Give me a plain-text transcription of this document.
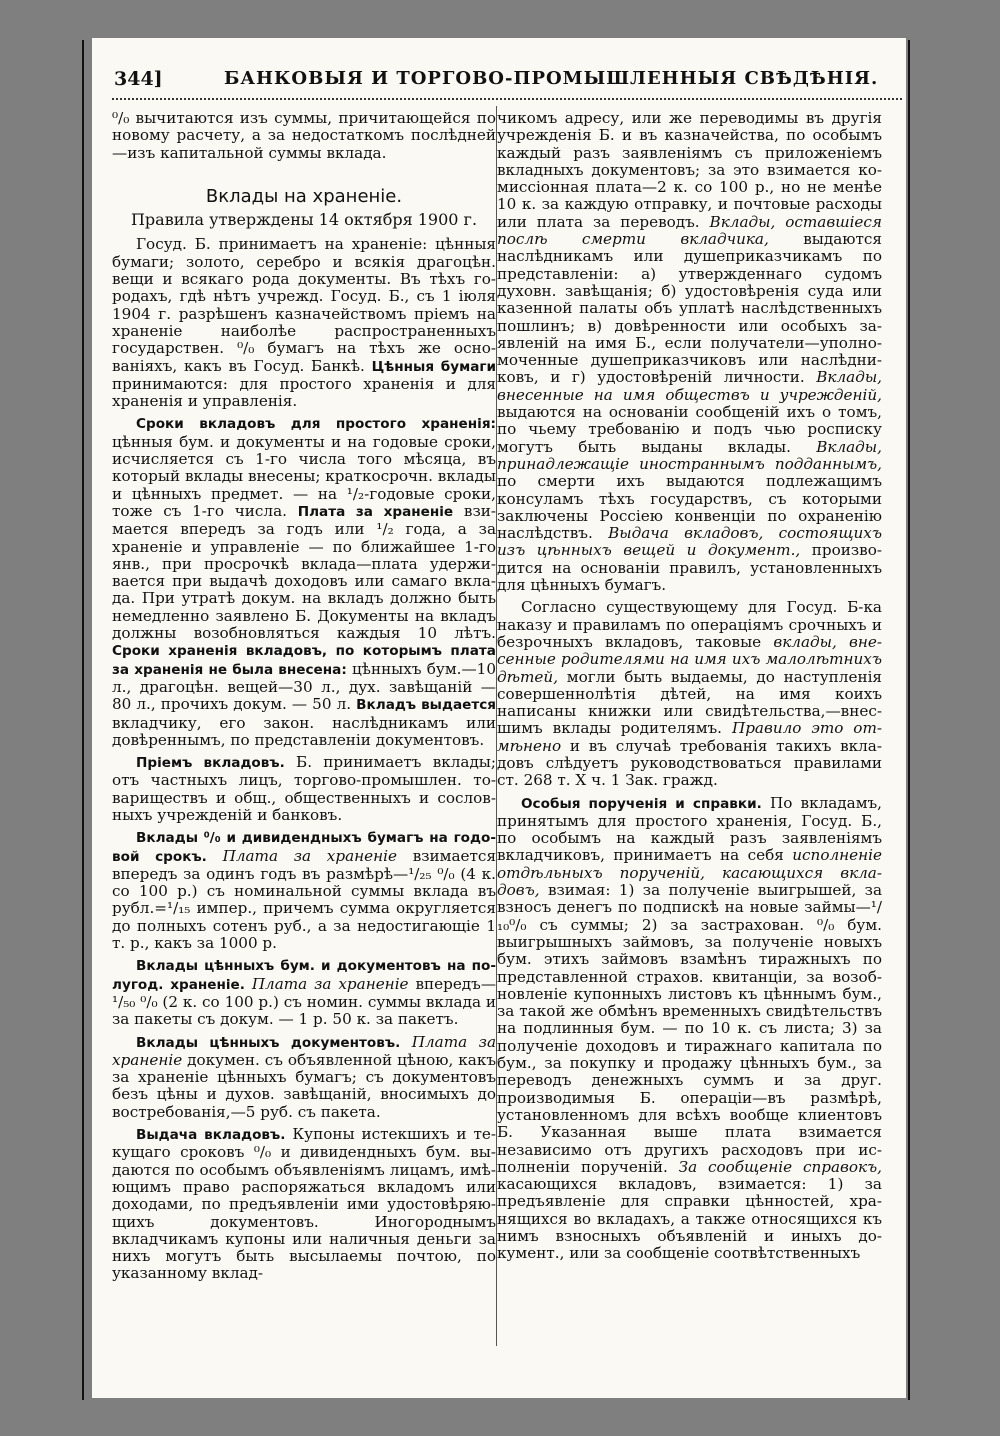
344]	БАНКОВЫЯ И ТОРГОВО-ПРОМЫШЛЕННЫЯ СВѢДѢНІЯ.

⁰/₀ вычитаются изъ суммы, причитающейся по новому расчету, а за недостаткомъ послѣдней—изъ капитальной суммы вклада.

Вклады на храненіе.

Правила утверждены 14 октября 1900 г.

Госуд. Б. принимаетъ на храненіе: цѣнныя бумаги; золото, серебро и всякія драгоцѣн. вещи и всякаго рода документы. Въ тѣхъ городахъ, гдѣ нѣтъ учрежд. Госуд. Б., съ 1 іюля 1904 г. разрѣшенъ казначействомъ пріемъ на храненіе наиболѣе распространенныхъ государствен. ⁰/₀ бумагъ на тѣхъ же основаніяхъ, какъ въ Госуд. Банкѣ. Цѣнныя бумаги принимаются: для простого храненія и для храненія и управленія.

Сроки вкладовъ для простого храненія: цѣнныя бум. и документы и на годовые сроки, исчисляется съ 1-го числа того мѣсяца, въ который вклады внесены; краткосрочн. вклады и цѣнныхъ предмет. — на ¹/₂-годовые сроки, тоже съ 1-го числа. Плата за храненіе взимается впередъ за годъ или ¹/₂ года, а за храненіе и управленіе — по ближайшее 1-го янв., при просрочкѣ вклада—плата удерживается при выдачѣ доходовъ или самаго вклада. При утратѣ докум. на вкладъ должно быть немедленно заявлено Б. Документы на вкладъ должны возобновляться каждыя 10 лѣтъ. Сроки храненія вкладовъ, по которымъ плата за храненія не была внесена: цѣнныхъ бум.—10 л., драгоцѣн. вещей—30 л., дух. завѣщаній — 80 л., прочихъ докум. — 50 л. Вкладъ выдается вкладчику, его закон. наслѣдникамъ или довѣреннымъ, по представленіи документовъ.

Пріемъ вкладовъ. Б. принимаетъ вклады; отъ частныхъ лицъ, торгово-промышлен. товариществъ и общ., общественныхъ и сословныхъ учрежденій и банковъ.

Вклады ⁰/₀ и дивидендныхъ бумагъ на годовой срокъ. Плата за храненіе взимается впередъ за одинъ годъ въ размѣрѣ—¹/₂₅ ⁰/₀ (4 к. со 100 р.) съ номинальной суммы вклада въ рубл.=¹/₁₅ импер., причемъ сумма округляется до полныхъ сотенъ руб., а за недостигающіе 1 т. р., какъ за 1000 р.

Вклады цѣнныхъ бум. и документовъ на полугод. храненіе. Плата за храненіе впередъ—¹/₅₀ ⁰/₀ (2 к. со 100 р.) съ номин. суммы вклада и за пакеты съ докум. — 1 р. 50 к. за пакетъ.

Вклады цѣнныхъ документовъ. Плата за храненіе докумен. съ объявленной цѣною, какъ за храненіе цѣнныхъ бумагъ; съ документовъ безъ цѣны и духов. завѣщаній, вносимыхъ до востребованія,—5 руб. съ пакета.

Выдача вкладовъ. Купоны истекшихъ и текущаго сроковъ ⁰/₀ и дивидендныхъ бум. выдаются по особымъ объявленіямъ лицамъ, имѣющимъ право распоряжаться вкладомъ или доходами, по предъявленіи ими удостовѣряющихъ документовъ. Иногороднымъ вкладчикамъ купоны или наличныя деньги за нихъ могутъ быть высылаемы почтою, по указанному вклад-

чикомъ адресу, или же переводимы въ другія учрежденія Б. и въ казначейства, по особымъ каждый разъ заявленіямъ съ приложеніемъ вкладныхъ документовъ; за это взимается комиссіонная плата—2 к. со 100 р., но не менѣе 10 к. за каждую отправку, и почтовые расходы или плата за переводъ. Вклады, оставшіеся послѣ смерти вкладчика, выдаются наслѣдникамъ или душеприказчикамъ по представленіи: а) утвержденнаго судомъ духовн. завѣщанія; б) удостовѣренія суда или казенной палаты объ уплатѣ наслѣдственныхъ пошлинъ; в) довѣренности или особыхъ заявленій на имя Б., если получатели—уполномоченные душеприказчиковъ или наслѣдниковъ, и г) удостовѣреній личности. Вклады, внесенные на имя обществъ и учрежденій, выдаются на основаніи сообщеній ихъ о томъ, по чьему требованію и подъ чью росписку могутъ быть выданы вклады. Вклады, принадлежащіе иностраннымъ подданнымъ, по смерти ихъ выдаются подлежащимъ консуламъ тѣхъ государствъ, съ которыми заключены Россіею конвенціи по охраненію наслѣдствъ. Выдача вкладовъ, состоящихъ изъ цѣнныхъ вещей и документ., производится на основаніи правилъ, установленныхъ для цѣнныхъ бумагъ.

Согласно существующему для Госуд. Б-ка наказу и правиламъ по операціямъ срочныхъ и безрочныхъ вкладовъ, таковые вклады, внесенные родителями на имя ихъ малолѣтнихъ дѣтей, могли быть выдаемы, до наступленія совершеннолѣтія дѣтей, на имя коихъ написаны книжки или свидѣтельства,—внесшимъ вклады родителямъ. Правило это отмѣнено и въ случаѣ требованія такихъ вкладовъ слѣдуетъ руководствоваться правилами ст. 268 т. X ч. 1 Зак. гражд.

Особыя порученія и справки. По вкладамъ, принятымъ для простого храненія, Госуд. Б., по особымъ на каждый разъ заявленіямъ вкладчиковъ, принимаетъ на себя исполненіе отдѣльныхъ порученій, касающихся вкладовъ, взимая: 1) за полученіе выигрышей, за взносъ денегъ по подпискѣ на новые займы—¹/₁₀⁰/₀ съ суммы; 2) за застрахован. ⁰/₀ бум. выигрышныхъ займовъ, за полученіе новыхъ бум. этихъ займовъ взамѣнъ тиражныхъ по представленной страхов. квитанціи, за возобновленіе купонныхъ листовъ къ цѣннымъ бум., за такой же обмѣнъ временныхъ свидѣтельствъ на подлинныя бум. — по 10 к. съ листа; 3) за полученіе доходовъ и тиражнаго капитала по бум., за покупку и продажу цѣнныхъ бум., за переводъ денежныхъ суммъ и за друг. производимыя Б. операціи—въ размѣрѣ, установленномъ для всѣхъ вообще клиентовъ Б. Указанная выше плата взимается независимо отъ другихъ расходовъ при исполненіи порученій. За сообщеніе справокъ, касающихся вкладовъ, взимается: 1) за предъявленіе для справки цѣнностей, хранящихся во вкладахъ, а также относящихся къ нимъ взносныхъ объявленій и иныхъ документ., или за сообщеніе соотвѣтственныхъ
